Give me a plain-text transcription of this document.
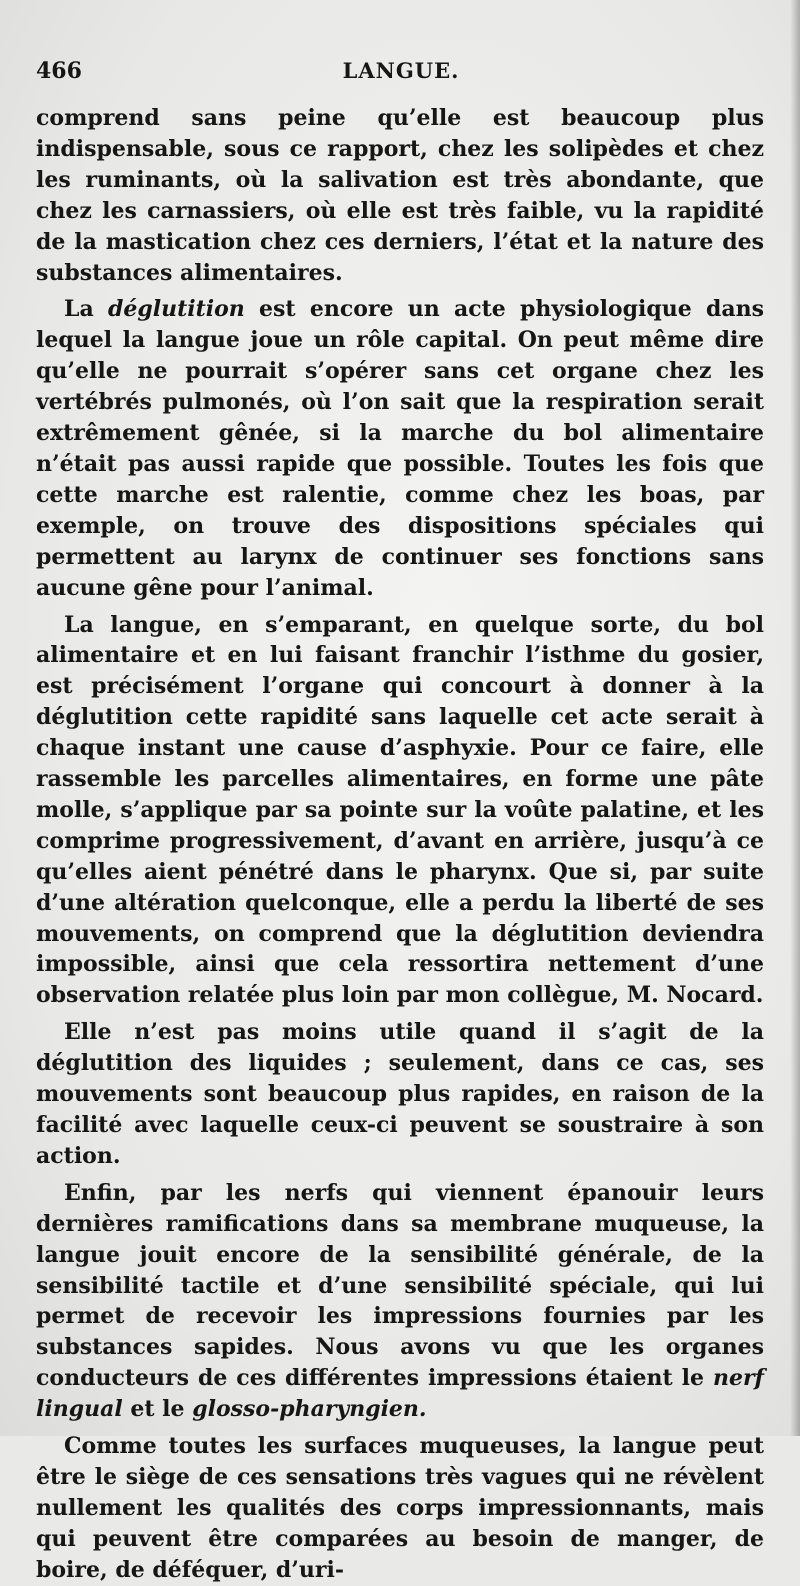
466	LANGUE.

comprend sans peine qu’elle est beaucoup plus indispensable, sous ce rapport, chez les solipèdes et chez les ruminants, où la salivation est très abondante, que chez les carnassiers, où elle est très faible, vu la rapidité de la mastication chez ces derniers, l’état et la nature des substances alimentaires.

La déglutition est encore un acte physiologique dans lequel la langue joue un rôle capital. On peut même dire qu’elle ne pourrait s’opérer sans cet organe chez les vertébrés pulmonés, où l’on sait que la respiration serait extrêmement gênée, si la marche du bol alimentaire n’était pas aussi rapide que possible. Toutes les fois que cette marche est ralentie, comme chez les boas, par exemple, on trouve des dispositions spéciales qui permettent au larynx de continuer ses fonctions sans aucune gêne pour l’animal.

La langue, en s’emparant, en quelque sorte, du bol alimentaire et en lui faisant franchir l’isthme du gosier, est précisément l’organe qui concourt à donner à la déglutition cette rapidité sans laquelle cet acte serait à chaque instant une cause d’asphyxie. Pour ce faire, elle rassemble les parcelles alimentaires, en forme une pâte molle, s’applique par sa pointe sur la voûte palatine, et les comprime progressivement, d’avant en arrière, jusqu’à ce qu’elles aient pénétré dans le pharynx. Que si, par suite d’une altération quelconque, elle a perdu la liberté de ses mouvements, on comprend que la déglutition deviendra impossible, ainsi que cela ressortira nettement d’une observation relatée plus loin par mon collègue, M. Nocard.

Elle n’est pas moins utile quand il s’agit de la déglutition des liquides ; seulement, dans ce cas, ses mouvements sont beaucoup plus rapides, en raison de la facilité avec laquelle ceux-ci peuvent se soustraire à son action.

Enfin, par les nerfs qui viennent épanouir leurs dernières ramifications dans sa membrane muqueuse, la langue jouit encore de la sensibilité générale, de la sensibilité tactile et d’une sensibilité spéciale, qui lui permet de recevoir les impressions fournies par les substances sapides. Nous avons vu que les organes conducteurs de ces différentes impressions étaient le nerf lingual et le glosso-pharyngien.

Comme toutes les surfaces muqueuses, la langue peut être le siège de ces sensations très vagues qui ne révèlent nullement les qualités des corps impressionnants, mais qui peuvent être comparées au besoin de manger, de boire, de déféquer, d’uri-
